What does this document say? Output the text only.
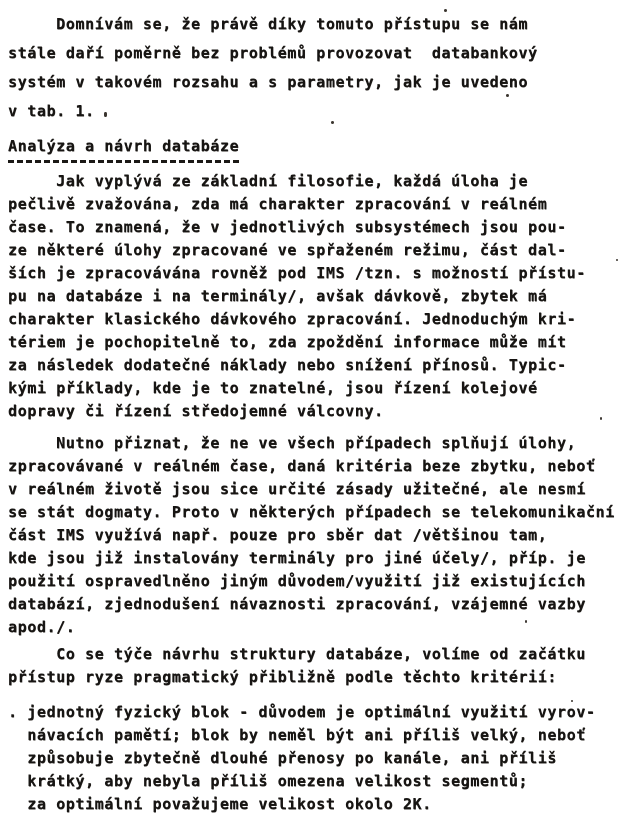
Domnívám se, že právě díky tomuto přístupu se nám
stále daří poměrně bez problémů provozovat  databankový
systém v takovém rozsahu a s parametry, jak je uvedeno
v tab. 1.
Analýza a návrh databáze
Jak vyplývá ze základní filosofie, každá úloha je
pečlivě zvažována, zda má charakter zpracování v reálném
čase. To znamená, že v jednotlivých subsystémech jsou pou-
ze některé úlohy zpracované ve spřaženém režimu, část dal-
ších je zpracovávána rovněž pod IMS /tzn. s možností přístu-
pu na databáze i na terminály/, avšak dávkově, zbytek má
charakter klasického dávkového zpracování. Jednoduchým kri-
tériem je pochopitelně to, zda zpoždění informace může mít
za následek dodatečné náklady nebo snížení přínosů. Typic-
kými příklady, kde je to znatelné, jsou řízení kolejové
dopravy či řízení středojemné válcovny.
Nutno přiznat, že ne ve všech případech splňují úlohy,
zpracovávané v reálném čase, daná kritéria beze zbytku, neboť
v reálném životě jsou sice určité zásady užitečné, ale nesmí
se stát dogmaty. Proto v některých případech se telekomunikační
část IMS využívá např. pouze pro sběr dat /většinou tam,
kde jsou již instalovány terminály pro jiné účely/, příp. je
použití ospravedlněno jiným důvodem/využití již existujících
databází, zjednodušení návaznosti zpracování, vzájemné vazby
apod./.
Co se týče návrhu struktury databáze, volíme od začátku
přístup ryze pragmatický přibližně podle těchto kritérií:
. jednotný fyzický blok - důvodem je optimální využití vyrov-
návacích pamětí; blok by neměl být ani příliš velký, neboť
způsobuje zbytečně dlouhé přenosy po kanále, ani příliš
krátký, aby nebyla příliš omezena velikost segmentů;
za optimální považujeme velikost okolo 2K.
